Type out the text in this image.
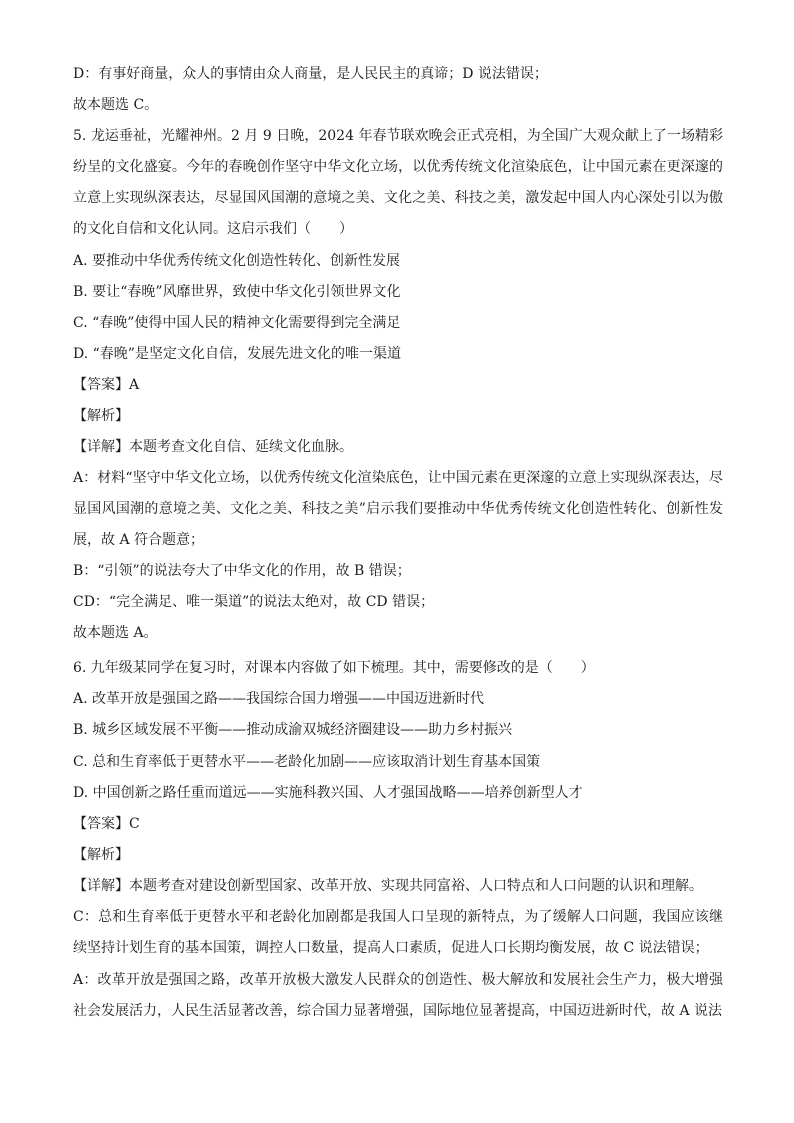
D：有事好商量，众人的事情由众人商量，是人民民主的真谛；D 说法错误；
故本题选 C。
5. 龙运垂祉，光耀神州。2 月 9 日晚，2024 年春节联欢晚会正式亮相，为全国广大观众献上了一场精彩纷呈的文化盛宴。今年的春晚创作坚守中华文化立场，以优秀传统文化渲染底色，让中国元素在更深邃的立意上实现纵深表达，尽显国风国潮的意境之美、文化之美、科技之美，激发起中国人内心深处引以为傲的文化自信和文化认同。这启示我们（　　）
A. 要推动中华优秀传统文化创造性转化、创新性发展
B. 要让“春晚”风靡世界，致使中华文化引领世界文化
C. “春晚”使得中国人民的精神文化需要得到完全满足
D. “春晚”是坚定文化自信，发展先进文化的唯一渠道
【答案】A
【解析】
【详解】本题考查文化自信、延续文化血脉。
A：材料“坚守中华文化立场，以优秀传统文化渲染底色，让中国元素在更深邃的立意上实现纵深表达，尽显国风国潮的意境之美、文化之美、科技之美”启示我们要推动中华优秀传统文化创造性转化、创新性发展，故 A 符合题意；
B：“引领”的说法夸大了中华文化的作用，故 B 错误；
CD：“完全满足、唯一渠道”的说法太绝对，故 CD 错误；
故本题选 A。
6. 九年级某同学在复习时，对课本内容做了如下梳理。其中，需要修改的是（　　）
A. 改革开放是强国之路——我国综合国力增强——中国迈进新时代
B. 城乡区域发展不平衡——推动成渝双城经济圈建设——助力乡村振兴
C. 总和生育率低于更替水平——老龄化加剧——应该取消计划生育基本国策
D. 中国创新之路任重而道远——实施科教兴国、人才强国战略——培养创新型人才
【答案】C
【解析】
【详解】本题考查对建设创新型国家、改革开放、实现共同富裕、人口特点和人口问题的认识和理解。
C：总和生育率低于更替水平和老龄化加剧都是我国人口呈现的新特点，为了缓解人口问题，我国应该继续坚持计划生育的基本国策，调控人口数量，提高人口素质，促进人口长期均衡发展，故 C 说法错误；
A：改革开放是强国之路，改革开放极大激发人民群众的创造性、极大解放和发展社会生产力，极大增强社会发展活力，人民生活显著改善，综合国力显著增强，国际地位显著提高，中国迈进新时代，故 A 说法
